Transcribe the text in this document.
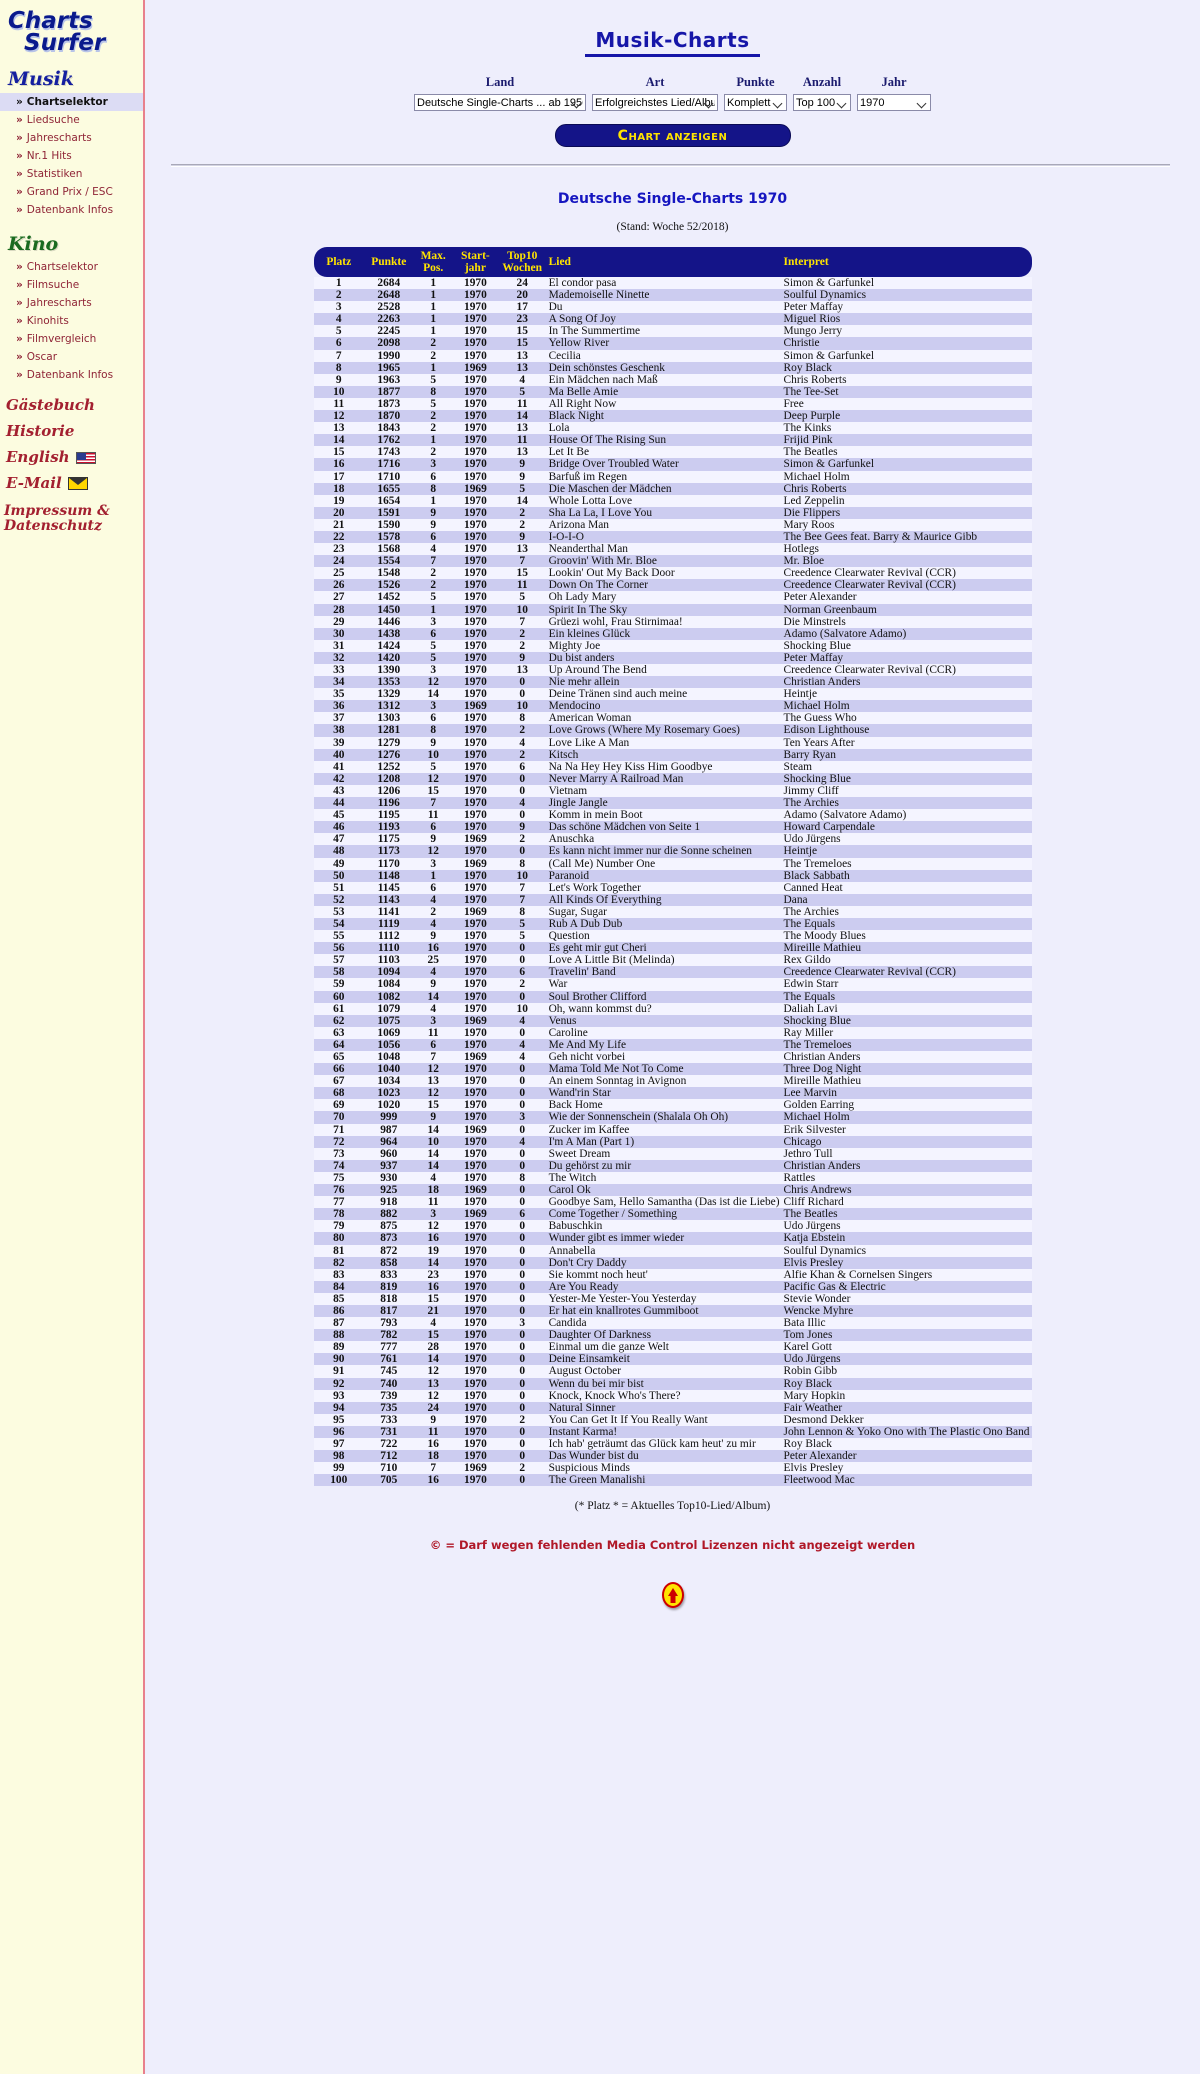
Charts
Surfer
Musik
» Chartselektor
» Liedsuche
» Jahrescharts
» Nr.1 Hits
» Statistiken
» Grand Prix / ESC
» Datenbank Infos
Kino
» Chartselektor
» Filmsuche
» Jahrescharts
» Kinohits
» Filmvergleich
» Oscar
» Datenbank Infos
Gästebuch
Historie
English
E-Mail
Impressum &
Datenschutz
Musik-Charts
Land
Deutsche Single-Charts ... ab 1956	Art
Erfolgreichstes Lied/Album	Punkte
Komplett Anzahl
Top 100	Jahr
1970
Chart anzeigen
Deutsche Single-Charts 1970
(Stand: Woche 52/2018)
Platz	Punkte	Max.
Pos.

Start-
jahr

Top10
Wochen	Lied	Interpret
1	2684	1	1970	24	El condor pasa	Simon & Garfunkel
2	2648	1	1970	20	Mademoiselle Ninette	Soulful Dynamics
3	2528	1	1970	17	Du	Peter Maffay
4	2263	1	1970	23	A Song Of Joy	Miguel Rios
5	2245	1	1970	15	In The Summertime	Mungo Jerry
6	2098	2	1970	15	Yellow River	Christie
7	1990	2	1970	13	Cecilia	Simon & Garfunkel
8	1965	1	1969	13	Dein schönstes Geschenk	Roy Black
9	1963	5	1970	4	Ein Mädchen nach Maß	Chris Roberts
10	1877	8	1970	5	Ma Belle Amie	The Tee-Set
11	1873	5	1970	11	All Right Now	Free
12	1870	2	1970	14	Black Night	Deep Purple
13	1843	2	1970	13	Lola	The Kinks
14	1762	1	1970	11	House Of The Rising Sun	Frijid Pink
15	1743	2	1970	13	Let It Be	The Beatles
16	1716	3	1970	9	Bridge Over Troubled Water	Simon & Garfunkel
17	1710	6	1970	9	Barfuß im Regen	Michael Holm
18	1655	8	1969	5	Die Maschen der Mädchen	Chris Roberts
19	1654	1	1970	14	Whole Lotta Love	Led Zeppelin
20	1591	9	1970	2	Sha La La, I Love You	Die Flippers
21	1590	9	1970	2	Arizona Man	Mary Roos
22	1578	6	1970	9	I-O-I-O	The Bee Gees feat. Barry & Maurice Gibb
23	1568	4	1970	13	Neanderthal Man	Hotlegs
24	1554	7	1970	7	Groovin' With Mr. Bloe	Mr. Bloe
25	1548	2	1970	15	Lookin' Out My Back Door	Creedence Clearwater Revival (CCR)
26	1526	2	1970	11	Down On The Corner	Creedence Clearwater Revival (CCR)
27	1452	5	1970	5	Oh Lady Mary	Peter Alexander
28	1450	1	1970	10	Spirit In The Sky	Norman Greenbaum
29	1446	3	1970	7	Grüezi wohl, Frau Stirnimaa!	Die Minstrels
30	1438	6	1970	2	Ein kleines Glück	Adamo (Salvatore Adamo)
31	1424	5	1970	2	Mighty Joe	Shocking Blue
32	1420	5	1970	9	Du bist anders	Peter Maffay
33	1390	3	1970	13	Up Around The Bend	Creedence Clearwater Revival (CCR)
34	1353	12	1970	0	Nie mehr allein	Christian Anders
35	1329	14	1970	0	Deine Tränen sind auch meine	Heintje
36	1312	3	1969	10	Mendocino	Michael Holm
37	1303	6	1970	8	American Woman	The Guess Who
38	1281	8	1970	2	Love Grows (Where My Rosemary Goes)	Edison Lighthouse
39	1279	9	1970	4	Love Like A Man	Ten Years After
40	1276	10	1970	2	Kitsch	Barry Ryan
41	1252	5	1970	6	Na Na Hey Hey Kiss Him Goodbye	Steam
42	1208	12	1970	0	Never Marry A Railroad Man	Shocking Blue
43	1206	15	1970	0	Vietnam	Jimmy Cliff
44	1196	7	1970	4	Jingle Jangle	The Archies
45	1195	11	1970	0	Komm in mein Boot	Adamo (Salvatore Adamo)
46	1193	6	1970	9	Das schöne Mädchen von Seite 1	Howard Carpendale
47	1175	9	1969	2	Anuschka	Udo Jürgens
48	1173	12	1970	0	Es kann nicht immer nur die Sonne scheinen	Heintje
49	1170	3	1969	8	(Call Me) Number One	The Tremeloes
50	1148	1	1970	10	Paranoid	Black Sabbath
51	1145	6	1970	7	Let's Work Together	Canned Heat
52	1143	4	1970	7	All Kinds Of Everything	Dana
53	1141	2	1969	8	Sugar, Sugar	The Archies
54	1119	4	1970	5	Rub A Dub Dub	The Equals
55	1112	9	1970	5	Question	The Moody Blues
56	1110	16	1970	0	Es geht mir gut Cheri	Mireille Mathieu
57	1103	25	1970	0	Love A Little Bit (Melinda)	Rex Gildo
58	1094	4	1970	6	Travelin' Band	Creedence Clearwater Revival (CCR)
59	1084	9	1970	2	War	Edwin Starr
60	1082	14	1970	0	Soul Brother Clifford	The Equals
61	1079	4	1970	10	Oh, wann kommst du?	Daliah Lavi
62	1075	3	1969	4	Venus	Shocking Blue
63	1069	11	1970	0	Caroline	Ray Miller
64	1056	6	1970	4	Me And My Life	The Tremeloes
65	1048	7	1969	4	Geh nicht vorbei	Christian Anders
66	1040	12	1970	0	Mama Told Me Not To Come	Three Dog Night
67	1034	13	1970	0	An einem Sonntag in Avignon	Mireille Mathieu
68	1023	12	1970	0	Wand'rin Star	Lee Marvin
69	1020	15	1970	0	Back Home	Golden Earring
70	999	9	1970	3	Wie der Sonnenschein (Shalala Oh Oh)	Michael Holm
71	987	14	1969	0	Zucker im Kaffee	Erik Silvester
72	964	10	1970	4	I'm A Man (Part 1)	Chicago
73	960	14	1970	0	Sweet Dream	Jethro Tull
74	937	14	1970	0	Du gehörst zu mir	Christian Anders
75	930	4	1970	8	The Witch	Rattles
76	925	18	1969	0	Carol Ok	Chris Andrews
77	918	11	1970	0	Goodbye Sam, Hello Samantha (Das ist die Liebe)	Cliff Richard
78	882	3	1969	6	Come Together / Something	The Beatles
79	875	12	1970	0	Babuschkin	Udo Jürgens
80	873	16	1970	0	Wunder gibt es immer wieder	Katja Ebstein
81	872	19	1970	0	Annabella	Soulful Dynamics
82	858	14	1970	0	Don't Cry Daddy	Elvis Presley
83	833	23	1970	0	Sie kommt noch heut'	Alfie Khan & Cornelsen Singers
84	819	16	1970	0	Are You Ready	Pacific Gas & Electric
85	818	15	1970	0	Yester-Me Yester-You Yesterday	Stevie Wonder
86	817	21	1970	0	Er hat ein knallrotes Gummiboot	Wencke Myhre
87	793	4	1970	3	Candida	Bata Illic
88	782	15	1970	0	Daughter Of Darkness	Tom Jones
89	777	28	1970	0	Einmal um die ganze Welt	Karel Gott
90	761	14	1970	0	Deine Einsamkeit	Udo Jürgens
91	745	12	1970	0	August October	Robin Gibb
92	740	13	1970	0	Wenn du bei mir bist	Roy Black
93	739	12	1970	0	Knock, Knock Who's There?	Mary Hopkin
94	735	24	1970	0	Natural Sinner	Fair Weather
95	733	9	1970	2	You Can Get It If You Really Want	Desmond Dekker
96	731	11	1970	0	Instant Karma!	John Lennon & Yoko Ono with The Plastic Ono Band
97	722	16	1970	0	Ich hab' geträumt das Glück kam heut' zu mir	Roy Black
98	712	18	1970	0	Das Wunder bist du	Peter Alexander
99	710	7	1969	2	Suspicious Minds	Elvis Presley
100	705	16	1970	0	The Green Manalishi	Fleetwood Mac
(* Platz * = Aktuelles Top10-Lied/Album)
© = Darf wegen fehlenden Media Control Lizenzen nicht angezeigt werden
